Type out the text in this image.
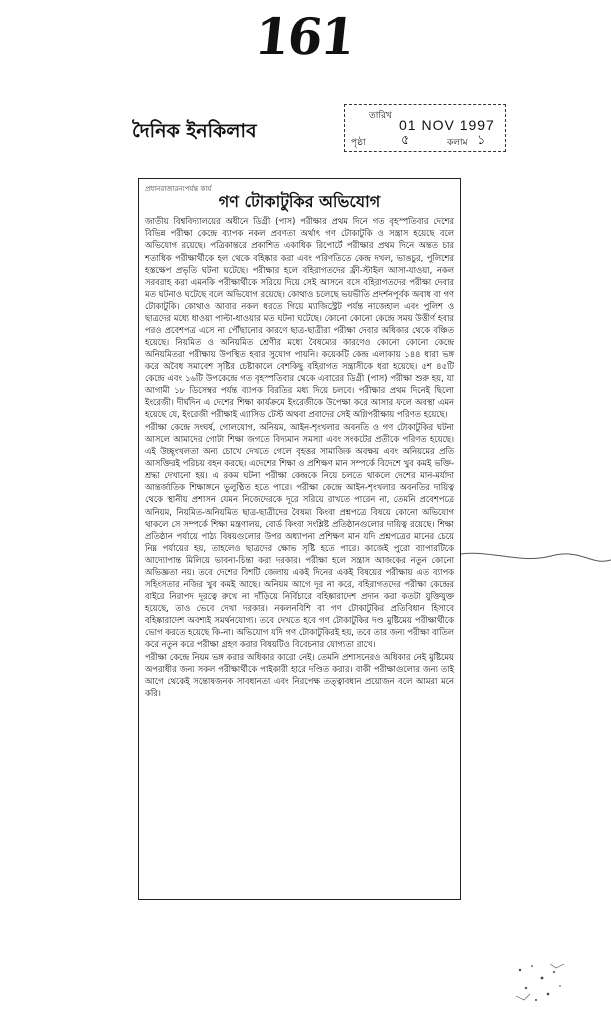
161
দৈনিক ইনকিলাব
তারিখ
01 NOV 1997
পৃষ্ঠা	৫	কলাম ১
প্রধানরাজারন্যপর্যন্ত কার্য
গণ টোকাটুকির অভিযোগ

জাতীয় বিশ্ববিদ্যালয়ের অধীনে ডিগ্রী (পাস) পরীক্ষার প্রথম দিনে গত বৃহস্পতিবার দেশের বিভিন্ন পরীক্ষা কেন্দ্রে ব্যাপক নকল প্রবণতা অর্থাৎ গণ টোকাটুকি ও সন্ত্রাস হয়েছে বলে অভিযোগ রয়েছে। পত্রিকান্তরে প্রকাশিত একাধিক রিপোর্টে পরীক্ষার প্রথম দিনে অন্তত চার শতাধিক পরীক্ষার্থীকে হল থেকে বহিষ্কার করা এবং পরিণতিতে কেন্দ্র দখল, ভাঙচুর, পুলিশের হস্তক্ষেপ প্রভৃতি ঘটনা ঘটেছে। পরীক্ষার হলে বহিরাগতদের ফ্রী-স্টাইল আসা-যাওয়া, নকল সরবরাহ করা এমনকি পরীক্ষার্থীকে সরিয়ে দিয়ে সেই আসনে বসে বহিরাগতদের পরীক্ষা দেবার মত ঘটনাও ঘটেছে বলে অভিযোগ রয়েছে। কোথাও চলেছে ভয়ভীতি প্রদর্শনপূর্বক অবাধ বা গণ টোকাটুকি। কোথাও আবার নকল ধরতে গিয়ে ম্যাজিস্ট্রেট পর্যন্ত নাজেহাল এবং পুলিশ ও ছাত্রদের মধ্যে ধাওয়া পাল্টা-ধাওয়ার মত ঘটনা ঘটেছে। কোনো কোনো কেন্দ্রে সময় উত্তীর্ণ হবার পরও প্রবেশপত্র এসে না পৌঁছানোর কারণে ছাত্র-ছাত্রীরা পরীক্ষা দেবার অধিকার থেকে বঞ্চিত হয়েছে। নিয়মিত ও অনিয়মিত শ্রেণীর মধ্যে বৈষম্যের কারণেও কোনো কোনো কেন্দ্রে অনিয়মিতরা পরীক্ষায় উপস্থিত হবার সুযোগ পায়নি। কয়েকটি কেন্দ্র এলাকায় ১৪৪ ধারা ভঙ্গ করে অবৈধ সমাবেশ সৃষ্টির চেষ্টাকালে বেশকিছু বহিরাগত সন্ত্রাসীকে ধরা হয়েছে। ৫শ ৪৫টি কেন্দ্রে এবং ১৬টি উপকেন্দ্রে গত বৃহস্পতিবার থেকে এবারের ডিগ্রী (পাস) পরীক্ষা শুরু হয়, যা আগামী ১৮ ডিসেম্বর পর্যন্ত ব্যাপক বিরতির মধ্য দিয়ে চলবে। পরীক্ষার প্রথম দিনেই ছিলো ইংরেজী। দীর্ঘদিন এ দেশের শিক্ষা কার্যক্রমে ইংরেজীকে উপেক্ষা করে আসার ফলে অবস্থা এমন হয়েছে যে, ইংরেজী পরীক্ষাই এ্যাসিড টেস্ট অথবা প্রবাদের সেই অগ্নিপরীক্ষায় পরিণত হয়েছে।

পরীক্ষা কেন্দ্রে সংঘর্ষ, গোলযোগ, অনিয়ম, আইন-শৃংখলার অবনতি ও গণ টোকাটুকির ঘটনা আসলে আমাদের গোটা শিক্ষা জগতে বিদ্যমান সমস্যা এবং সংকটের প্রতীকে পরিণত হয়েছে। এই উচ্ছৃংখলতা অন্য চোখে দেখতে গেলে বৃহত্তর সামাজিক অবক্ষয় এবং অনিয়মের প্রতি আসক্তিরই পরিচয় বহন করছে। এদেশের শিক্ষা ও প্রশিক্ষণ মান সম্পর্কে বিদেশে খুব কমই ভক্তি-শ্রদ্ধা দেখানো হয়। এ রকম ঘটনা পরীক্ষা কেন্দ্রকে নিয়ে চলতে থাকলে দেশের মান-মর্যাদা আন্তর্জাতিক শিক্ষাঙ্গনে ভুলুণ্ঠিত হতে পারে। পরীক্ষা কেন্দ্রে আইন-শৃংখলার অবনতির দায়িত্ব থেকে স্থানীয় প্রশাসন যেমন নিজেদেরকে দূরে সরিয়ে রাখতে পারেন না, তেমনি প্রবেশপত্রে অনিয়ম, নিয়মিত-অনিয়মিত ছাত্র-ছাত্রীদের বৈষম্য কিংবা প্রশ্নপত্রে বিষয়ে কোনো অভিযোগ থাকলে সে সম্পর্কে শিক্ষা মন্ত্রণালয়, বোর্ড কিংবা সংশ্লিষ্ট প্রতিষ্ঠানগুলোর দায়িত্ব রয়েছে। শিক্ষা প্রতিষ্ঠান পর্যায়ে পাঠ্য বিষয়গুলোর উপর অধ্যাপনা প্রশিক্ষণ মান যদি প্রশ্নপত্রের মানের চেয়ে নিম্ন পর্যায়ের হয়, তাহলেও ছাত্রদের ক্ষোভ সৃষ্টি হতে পারে। কাজেই পুরো ব্যাপারটিকে আদ্যোপান্ত মিলিয়ে ভাবনা-চিন্তা করা দরকার। পরীক্ষা হলে সন্ত্রাস আজকের নতুন কোনো অভিজ্ঞতা নয়। তবে দেশের বিশটি জেলায় একই দিনের একই বিষয়ের পরীক্ষায় এত ব্যাপক সহিংসতার নজির খুব কমই আছে। অনিয়ম আগে দূর না করে, বহিরাগতদের পরীক্ষা কেন্দ্রের বাইরে নিরাপদ দূরত্বে রুখে না দাঁড়িয়ে নির্বিচারে বহিষ্কারাদেশ প্রদান করা কতটা যুক্তিযুক্ত হয়েছে, তাও ভেবে দেখা দরকার। নকলনবিশি বা গণ টোকাটুকির প্রতিবিধান হিসাবে বহিষ্কারাদেশ অবশ্যই সমর্থনযোগ্য। তবে দেখতে হবে গণ টোকাটুকির দণ্ড মুষ্টিমেয় পরীক্ষার্থীকে ভোগ করতে হয়েছে কি-না। অভিযোগ যদি গণ টোকাটুকিরই হয়, তবে তার জন্য পরীক্ষা বাতিল করে নতুন করে পরীক্ষা গ্রহণ করার বিষয়টিও বিবেচনার যোগ্যতা রাখে।

পরীক্ষা কেন্দ্রে নিয়ম ভঙ্গ করার অধিকার কারো নেই। তেমনি প্রশাসনেরও অধিকার নেই মুষ্টিমেয় অপরাধীর জন্য সকল পরীক্ষার্থীকে পাইকারী হারে দণ্ডিত করার। বাকী পরীক্ষাগুলোর জন্য তাই আগে থেকেই সন্তোষজনক সাবধানতা এবং নিরপেক্ষ তত্ত্বাবধান প্রয়োজন বলে আমরা মনে করি।
